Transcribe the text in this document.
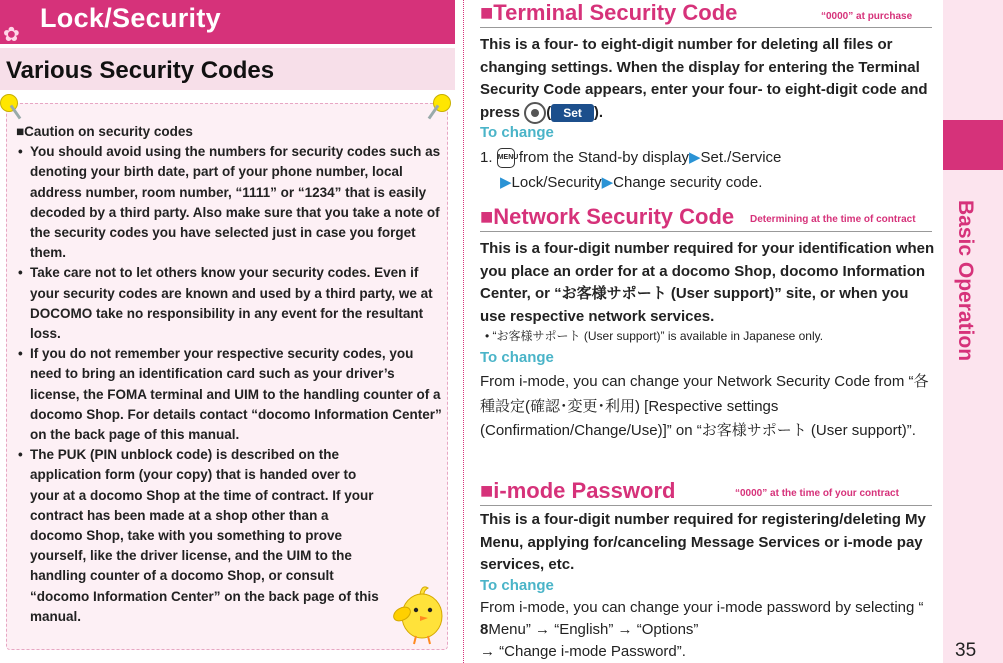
✿
Lock/Security
Various Security Codes
■Caution on security codes
• You should avoid using the numbers for security codes such as denoting your birth date, part of your phone number, local address number, room number, “1111” or “1234” that is easily decoded by a third party. Also make sure that you take a note of the security codes you have selected just in case you forget them.
• Take care not to let others know your security codes. Even if your security codes are known and used by a third party, we at DOCOMO take no responsibility in any event for the resultant loss.
• If you do not remember your respective security codes, you need to bring an identification card such as your driver’s license, the FOMA terminal and UIM to the handling counter of a docomo Shop. For details contact “docomo Information Center” on the back page of this manual.
• The PUK (PIN unblock code) is described on the application form (your copy) that is handed over to your at a docomo Shop at the time of contract. If your contract has been made at a shop other than a docomo Shop, take with you something to prove yourself, like the driver license, and the UIM to the handling counter of a docomo Shop, or consult “docomo Information Center” on the back page of this manual.
■Terminal Security Code	“0000” at purchase
This is a four- to eight-digit number for deleting all files or changing settings. When the display for entering the Terminal Security Code appears, enter your four- to eight-digit code and press ( Set ).
To change
1. MENU from the Stand-by display▶Set./Service
▶Lock/Security▶Change security code.
■Network Security Code Determining at the time of contract
This is a four-digit number required for your identification when you place an order for at a docomo Shop, docomo Information Center, or “お客様サポート (User support)” site, or when you use respective network services.
• “お客様サポート (User support)” is available in Japanese only.
To change
From i-mode, you can change your Network Security Code from “各種設定(確認･変更･利用) [Respective settings (Confirmation/Change/Use)]” on “お客様サポート (User support)”.
■i-mode Password	“0000” at the time of your contract
This is a four-digit number required for registering/deleting My Menu, applying for/canceling Message Services or i-mode pay services, etc.
To change
From i-mode, you can change your i-mode password by selecting “8Menu” → “English” → “Options”
→ “Change i-mode Password”.
Basic Operation
35
